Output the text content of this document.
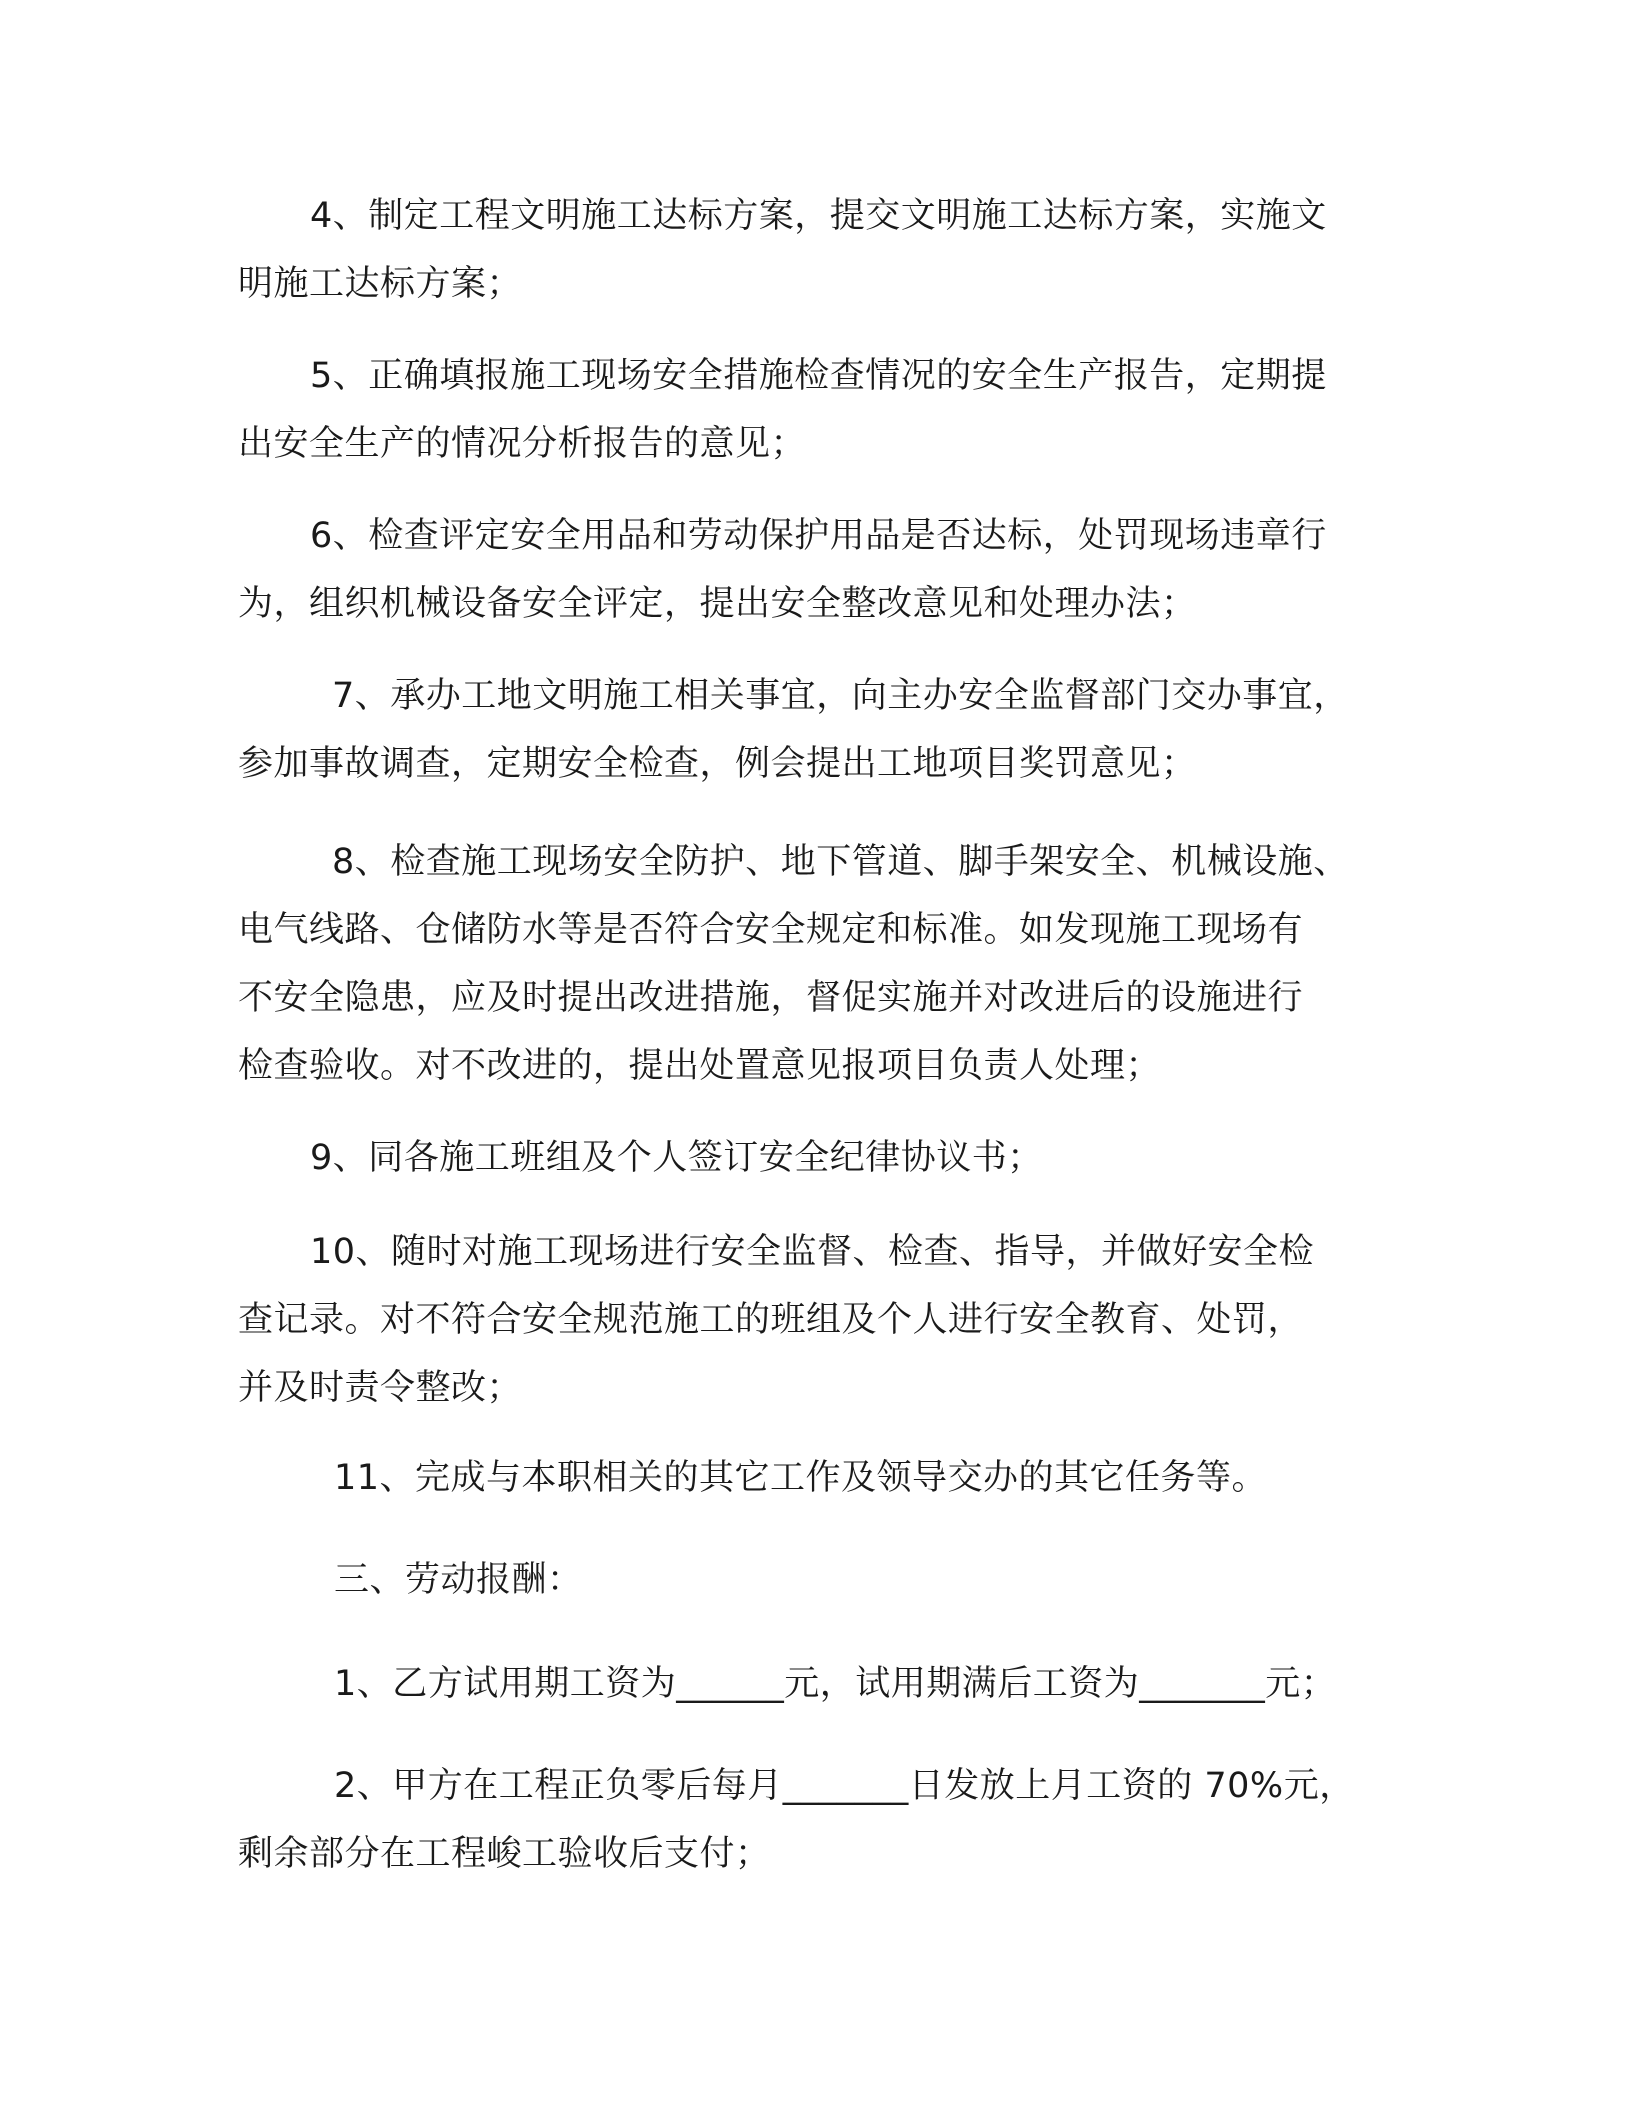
4、制定工程文明施工达标方案，提交文明施工达标方案，实施文
明施工达标方案；
5、正确填报施工现场安全措施检查情况的安全生产报告，定期提
出安全生产的情况分析报告的意见；
6、检查评定安全用品和劳动保护用品是否达标，处罚现场违章行
为，组织机械设备安全评定，提出安全整改意见和处理办法；
7、承办工地文明施工相关事宜，向主办安全监督部门交办事宜，
参加事故调查，定期安全检查，例会提出工地项目奖罚意见；
8、检查施工现场安全防护、地下管道、脚手架安全、机械设施、
电气线路、仓储防水等是否符合安全规定和标准。如发现施工现场有
不安全隐患，应及时提出改进措施，督促实施并对改进后的设施进行
检查验收。对不改进的，提出处置意见报项目负责人处理；
9、同各施工班组及个人签订安全纪律协议书；
10、随时对施工现场进行安全监督、检查、指导，并做好安全检
查记录。对不符合安全规范施工的班组及个人进行安全教育、处罚，
并及时责令整改；
11、完成与本职相关的其它工作及领导交办的其它任务等。
三、劳动报酬：
1、乙方试用期工资为______元，试用期满后工资为_______元；
2、甲方在工程正负零后每月_______日发放上月工资的 70%元，
剩余部分在工程峻工验收后支付；
